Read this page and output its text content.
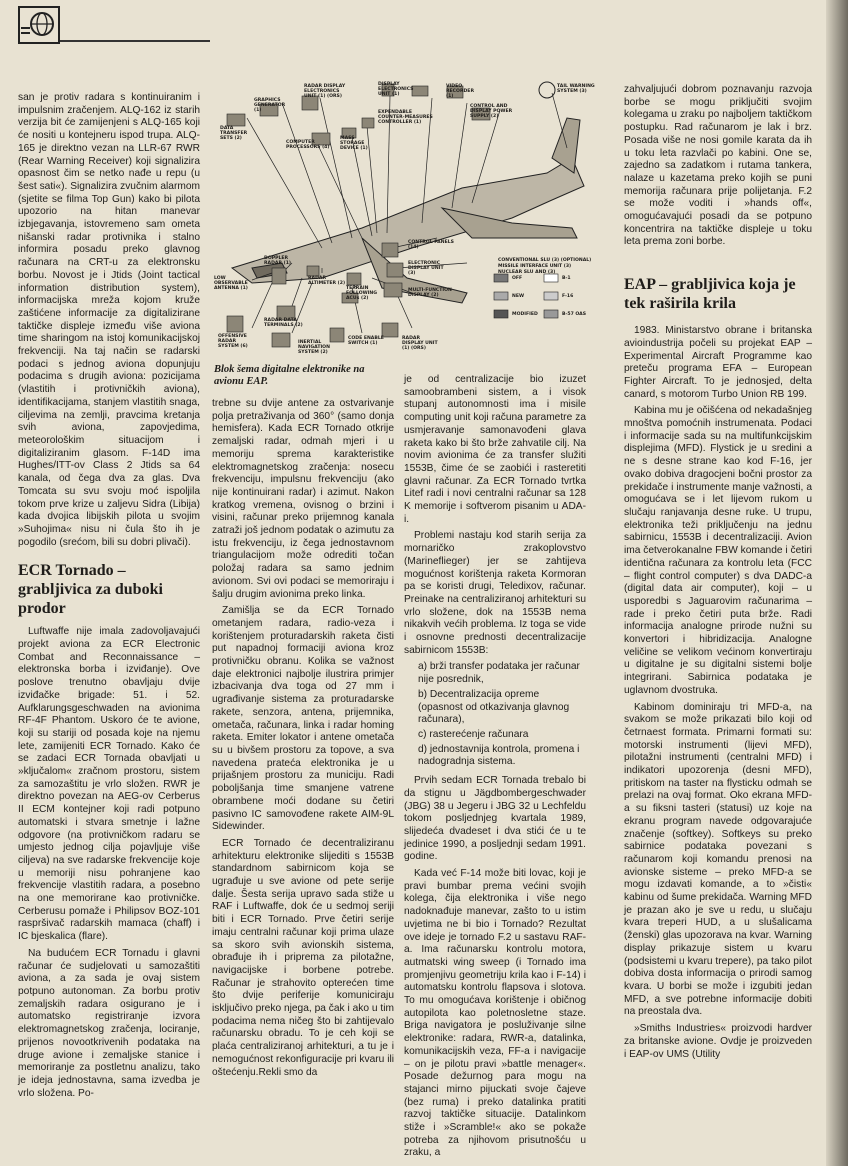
san je protiv radara s kontinuiranim i impulsnim zračenjem. ALQ-162 iz starih verzija bit će zamijenjeni s ALQ-165 koji će nositi u kontejneru ispod trupa. ALQ-165 je direktno vezan na LLR-67 RWR (Rear Warning Receiver) koji signalizira opasnost čim se netko nađe u repu (u šest sati«). Signalizira zvučnim alarmom (sjetite se filma Top Gun) kako bi pilota upozorio na hitan manevar izbjegavanja, istovremeno sam ometa nišanski radar protivnika i stalno informira posadu preko glavnog računara na CRT-u za elektronsku borbu. Novost je i Jtids (Joint tactical information distribution system), informacijska mreža kojom kruže zaštićene informacije za digitalizirane taktičke displeje između više aviona time sharingom na istoj komunikacijskoj frekvenciji. Na taj način se radarski podaci s jednog aviona dopunjuju podacima s drugih aviona: pozicijama (vlastitih i protivničkih aviona), identifikacijama, stanjem vlastitih snaga, ciljevima na zemlji, pravcima kretanja svih aviona, zapovjedima, meteorološkim situacijom i digitaliziranim glasom. F-14D ima Hughes/ITT-ov Class 2 Jtids sa 64 kanala, od čega dva za glas. Dva Tomcata su svu svoju moć ispoljila tokom prve krize u zaljevu Sidra (Libija) kada dvojica libijskih pilota u svojim »Suhojima« nisu ni čula što ih je pogodilo (srećom, bili su dobri plivači).

ECR Tornado – grabljivica za duboki prodor

Luftwaffe nije imala zadovoljavajući projekt aviona za ECR Electronic Combat and Reconnaissance – elektronska borba i izviđanje). Ove poslove trenutno obavljaju dvije izviđačke brigade: 51. i 52. Aufklarungsgeschwaden na avionima RF-4F Phantom. Uskoro će te avione, koji su stariji od posada koje na njemu lete, zamijeniti ECR Tornado. Kako će se zadaci ECR Tornada obavljati u »ključalom« zračnom prostoru, sistem za samozaštitu je vrlo složen. RWR je direktno povezan na AEG-ov Cerberus II ECM kontejner koji radi potpuno automatski i stvara smetnje i lažne odgovore (na protivničkom radaru se umjesto jednog cilja pojavljuje više ciljeva) na sve radarske frekvencije koje u memoriji nisu pohranjene kao frekvencije vlastitih radara, a posebno na one memorirane kao protivničke. Cerberusu pomaže i Philipsov BOZ-101 raspršivač radarskih mamaca (chaff) i IC bjeskalica (flare).

Na budućem ECR Tornadu i glavni računar će sudjelovati u samozaštiti aviona, a za sada je ovaj sistem potpuno autonoman. Za borbu protiv zemaljskih radara osigurano je i automatsko registriranje izvora elektromagnetskog zračenja, lociranje, prijenos novootkrivenih podataka na druge avione i zemaljske stanice i memoriranje za postletnu analizu, tako je ideja jednostavna, sama izvedba je vrlo složena. Po-

DATA TRANSFER SETS (2)
GRAPHICS GENERATOR (1)
RADAR DISPLAY ELECTRONICS UNIT (1) (ORS)
DISPLAY ELECTRONICS UNIT (1)
VIDEO RECORDER (1)
TAIL WARNING SYSTEM (3)
EXPENDABLE COUNTER-MEASURES CONTROLLER (1)
CONTROL AND DISPLAY POWER SUPPLY (2)
COMPUTER PROCESSORS (4)
MASS STORAGE DEVICE (1)
CONTROL PANELS (14)
ELECTRONIC DISPLAY UNIT (3)
MISSILE INTERFACE UNIT (3)
NUCLEAR SLU AND (3)
CONVENTIONAL SLU (3) (OPTIONAL)
LOW OBSERVABLE ANTENNA (1)
DOPPLER RADAR (1)
RADAR ALTIMETER (2)
TERRAIN FOLLOWING ACUs (2)
MULTI-FUNCTION DISPLAY (2)
RADAR DATA TERMINALS (2)
OFFENSIVE RADAR SYSTEM (6)
INERTIAL NAVIGATION SYSTEM (2)
CODE ENABLE SWITCH (1)
RADAR DISPLAY UNIT (1) (ORS)
OFF
NEW
MODIFIED
B-1
F-16
B-57 OAS
Blok šema digitalne elektronike na avionu EAP.

trebne su dvije antene za ostvarivanje polja pretraživanja od 360° (samo donja hemisfera). Kada ECR Tornado otkrije zemaljski radar, odmah mjeri i u memoriju sprema karakteristike elektromagnetskog zračenja: nosecu frekvenciju, impulsnu frekvenciju (ako nije kontinuirani radar) i azimut. Nakon kratkog vremena, ovisnog o brzini i visini, računar preko prijemnog kanala zatraži još jednom podatak o azimutu za istu frekvenciju, iz čega jednostavnom triangulacijom može odrediti točan položaj radara sa samo jednim avionom. Svi ovi podaci se memoriraju i šalju drugim avionima preko linka.

Zamišlja se da ECR Tornado ometanjem radara, radio-veza i korištenjem proturadarskih raketa čisti put napadnoj formaciji aviona kroz protivničku obranu. Kolika se važnost daje elektronici najbolje ilustrira primjer izbacivanja dva toga od 27 mm i ugrađivanje sistema za proturadarske rakete, senzora, antena, prijemnika, ometača, računara, linka i radar homing raketa. Emiter lokator i antene ometača su u bivšem prostoru za topove, a sva navedena prateća elektronika je u prijašnjem prostoru za municiju. Radi poboljšanja time smanjene vatrene obrambene moći dodane su četiri pasivno IC samovođene rakete AIM-9L Sidewinder.

ECR Tornado će decentraliziranu arhitekturu elektronike slijediti s 1553B standardnom sabirnicom koja se ugrađuje u sve avione od pete serije dalje. Šesta serija upravo sada stiže u RAF i Luftwaffe, dok će u sedmoj seriji biti i ECR Tornado. Prve četiri serije imaju centralni računar koji prima ulaze sa skoro svih avionskih sistema, obrađuje ih i priprema za pilotažne, navigacijske i borbene potrebe. Računar je strahovito opterećen time što dvije periferije komuniciraju isključivo preko njega, pa čak i ako u tim podacima nema ničeg što bi zahtijevalo računarsku obradu. To je ceh koji se plaća centraliziranoj arhitekturi, a tu je i nemogućnost rekonfiguracije pri kvaru ili oštećenju.Rekli smo da

je od centralizacije bio izuzet samoobrambeni sistem, a i visok stupanj autonomnosti ima i misile computing unit koji računa parametre za usmjeravanje samonavođeni glava raketa kako bi što brže zahvatile cilj. Na novim avionima će za transfer služiti 1553B, čime će se zaobići i rasteretiti glavni računar. Za ECR Tornado tvrtka Litef radi i novi centralni računar sa 128 K memorije i softverom pisanim u ADA-i.

Problemi nastaju kod starih serija za mornaričko zrakoplovstvo (Marineflieger) jer se zahtijeva mogućnost korištenja raketa Kormoran pa se koristi drugi, Teledixov, računar. Preinake na centraliziranoj arhitekturi su vrlo složene, dok na 1553B nema nikakvih većih problema. Iz toga se vide i osnovne prednosti decentralizacije sabirnicom 1553B:

a) brži transfer podataka jer računar nije posrednik,
b) Decentralizacija opreme (opasnost od otkazivanja glavnog računara),
c) rasterećenje računara
d) jednostavnija kontrola, promena i nadogradnja sistema.

Prvih sedam ECR Tornada trebalo bi da stignu u Jägdbombergeschwader (JBG) 38 u Jegeru i JBG 32 u Lechfeldu tokom posljednjeg kvartala 1989, slijedeća dvadeset i dva stići će u te jedinice 1990, a posljednji sedam 1991. godine.

Kada već F-14 može biti lovac, koji je pravi bumbar prema većini svojih kolega, čija elektronika i više nego nadoknađuje manevar, zašto to u istim uvjetima ne bi bio i Tornado? Rezultat ove ideje je tornado F.2 u sastavu RAF-a. Ima računarsku kontrolu motora, autmatski wing sweep (i Tornado ima promjenjivu geometriju krila kao i F-14) i automatsku kontrolu flapsova i slotova. To mu omogućava korištenje i običnog autopilota kao poletnosletne staze. Briga navigatora je posluživanje silne elektronike: radara, RWR-a, datalinka, komunikacijskih veza, FF-a i navigacije – on je pilotu pravi »battle menager«. Posade dežurnog para mogu na stajanci mirno pijuckati svoje čajeve (bez ruma) i preko datalinka pratiti razvoj taktičke situacije. Datalinkom stiže i »Scramble!« ako se pokaže potreba za njihovom prisutnošću u zraku, a

zahvaljujući dobrom poznavanju razvoja borbe se mogu priključiti svojim kolegama u zraku po najboljem taktičkom postupku. Rad računarom je lak i brz. Posada više ne nosi gomile karata da ih u toku leta razvlači po kabini. One se, zajedno sa zadatkom i rutama tankera, nalaze u kazetama preko kojih se puni memorija računara prije polijetanja. F.2 se može voditi i »hands off«, omogućavajući posadi da se potpuno koncentrira na taktičke displeje u toku leta prema zoni borbe.

EAP – grabljivica koja je tek raširila krila

1983. Ministarstvo obrane i britanska avioindustrija počeli su projekat EAP – Experimental Aircraft Programme kao preteču programa EFA – European Fighter Aircraft. To je jednosjed, delta canard, s motorom Turbo Union RB 199.

Kabina mu je očišćena od nekadašnjeg mnoštva pomoćnih instrumenata. Podaci i informacije sada su na multifunkcijskim displejima (MFD). Flystick je u sredini a ne s desne strane kao kod F-16, jer ovako dobiva dragocjeni bočni prostor za prekidače i instrumente manje važnosti, a omogućava se i let lijevom rukom u slučaju ranjavanja desne ruke. U trupu, elektronika teži priključenju na jednu sabirnicu, 1553B i decentralizaciji. Avion ima četverokanalne FBW komande i četiri identična računara za kontrolu leta (FCC – flight control computer) s dva DADC-a (digital data air computer), koji – u usporedbi s Jaguarovim računarima – rade i preko četiri puta brže. Radi informacija analogne prirode nužni su konvertori i hibridizacija. Analogne veličine se velikom većinom konvertiraju u digitalne je su digitalni sistemi bolje integrirani. Sabirnica podataka je uglavnom dvostruka.

Kabinom dominiraju tri MFD-a, na svakom se može prikazati bilo koji od četrnaest formata. Primarni formati su: motorski instrumenti (lijevi MFD), pilotažni instrumenti (centralni MFD) i indikatori upozorenja (desni MFD), pritiskom na taster na flysticku odmah se prelazi na ovaj format. Oko ekrana MFD-a su fiksni tasteri (statusi) uz koje na ekranu program navede odgovarajuće značenje (softkey). Softkeys su preko sabirnice podataka povezani s računarom koji komandu prenosi na avionske sisteme – preko MFD-a se mogu izdavati komande, a to »čisti« kabinu od šume prekidača. Warning MFD je prazan ako je sve u redu, u slučaju kvara treperi HUD, a u slušalicama (ženski) glas upozorava na kvar. Warning display prikazuje sistem u kvaru (podsistemi u kvaru trepere), pa tako pilot dobiva dosta informacija o prirodi samog kvara. U borbi se može i izgubiti jedan MFD, a sve potrebne informacije dobiti na preostala dva.

»Smiths Industries« proizvodi hardver za britanske avione. Ovdje je proizveden i EAP-ov UMS (Utility
